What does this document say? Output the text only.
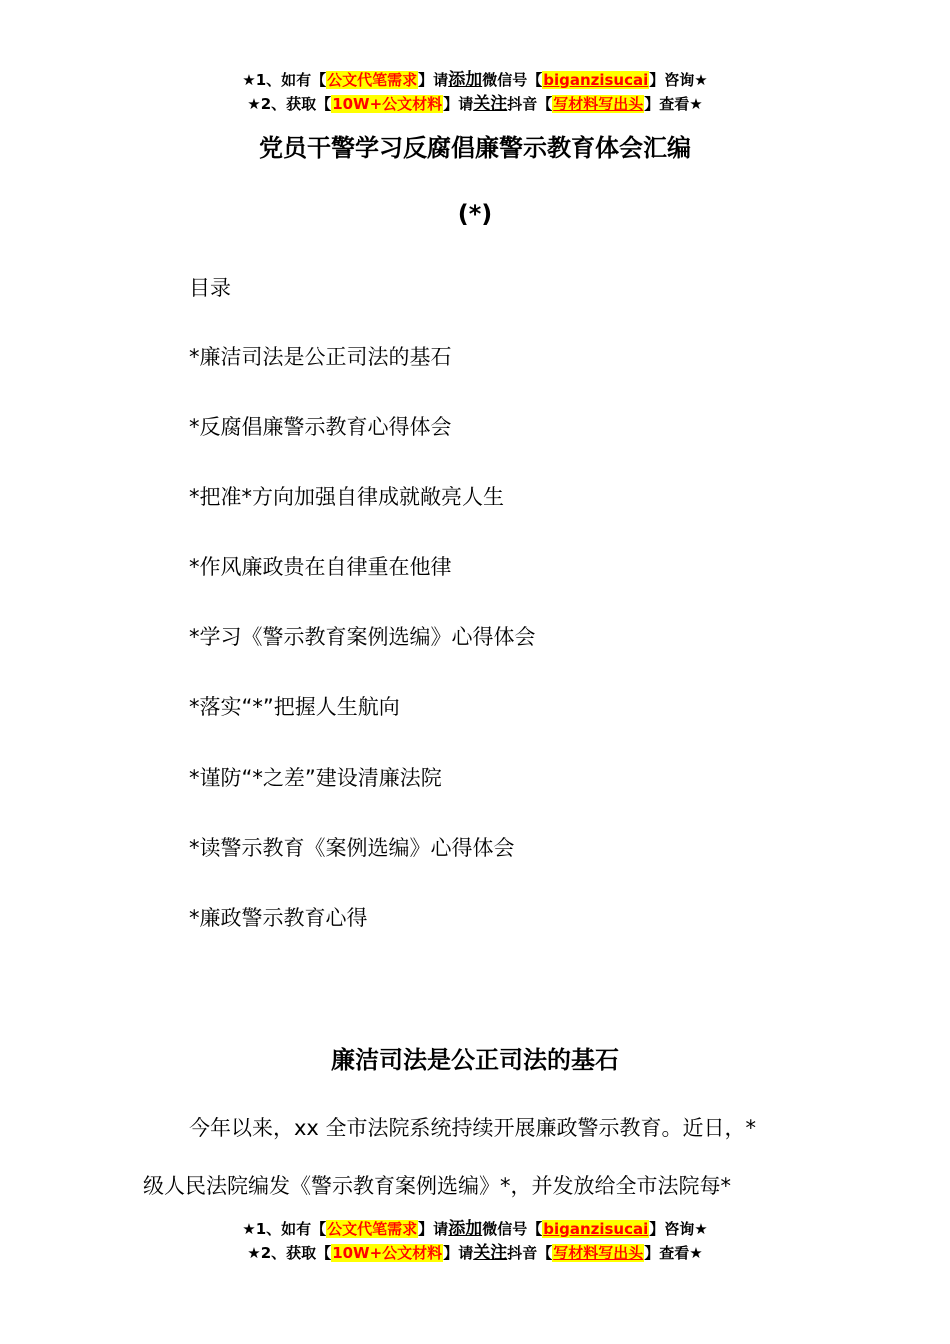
★1、如有【公文代笔需求】请添加微信号【biganzisucai】咨询★
★2、获取【10W+公文材料】请关注抖音【写材料写出头】查看★
党员干警学习反腐倡廉警示教育体会汇编
(*)
目录
*廉洁司法是公正司法的基石
*反腐倡廉警示教育心得体会
*把准*方向加强自律成就敞亮人生
*作风廉政贵在自律重在他律
*学习《警示教育案例选编》心得体会
*落实“*”把握人生航向
*谨防“*之差”建设清廉法院
*读警示教育《案例选编》心得体会
*廉政警示教育心得
廉洁司法是公正司法的基石
今年以来，xx 全市法院系统持续开展廉政警示教育。近日，*
级人民法院编发《警示教育案例选编》*，并发放给全市法院每*
★1、如有【公文代笔需求】请添加微信号【biganzisucai】咨询★
★2、获取【10W+公文材料】请关注抖音【写材料写出头】查看★
